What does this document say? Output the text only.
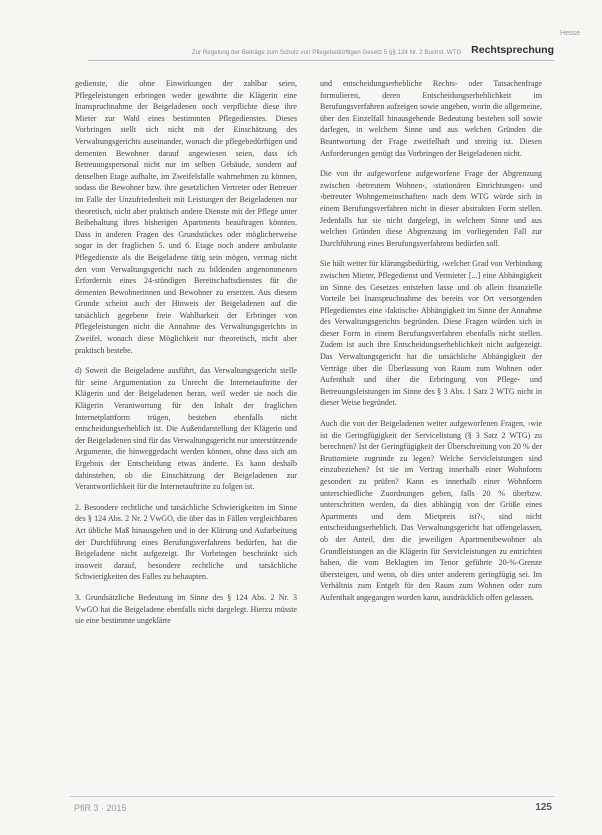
Hesse
Zur Regelung der Beiträge zum Schutz von Pflegebedürftigen Gesetz 5 §§ 124 Nr. 2 Buchst. WTG Rechtsprechung

gedienste, die ohne Einwirkungen der zahlbar seien, Pflegeleistungen erbringen weder gewährte die Klägerin eine Inanspruchnahme der Beigeladenen noch verpflichte diese ihre Mieter zur Wahl eines bestimmten Pflegedienstes. Dieses Vorbringen stellt sich nicht mit der Einschätzung des Verwaltungsgerichts auseinander, wonach die pflegebedürftigen und dementen Bewohner darauf angewiesen seien, dass ich Betreuungspersonal nicht nur im selben Gebäude, sondern auf denselben Etage aufhalte, im Zweifelsfalle wahrnehmen zu können, sodass die Bewohner bzw. ihre gesetzlichen Vertreter oder Betreuer im Falle der Unzufriedenheit mit Leistungen der Beigeladenen nur theoretisch, nicht aber praktisch andere Dienste mit der Pflege unter Beibehaltung ihres bisherigen Apartments beauftragen könnten. Dass in anderen Fragen des Grundstückes oder möglicherweise sogar in der fraglichen 5. und 6. Etage noch andere ambulante Pflegedienste als die Beigeladene tätig sein mögen, vermag nicht den vom Verwaltungsgericht nach zu bildenden angenommenen Erfordernis eines 24-stündigen Bereitschaftsdienstes für die dementen Bewohnerinnen und Bewohner zu ersetzen. Aus diesem Grunde scheint auch der Hinweis der Beigeladenen auf die tatsächlich gegebene freie Wahlbarkeit der Erbringer von Pflegeleistungen nicht die Annahme des Verwaltungsgerichts in Zweifel, wonach diese Möglichkeit nur theoretisch, nicht aber praktisch bestehe.

d) Soweit die Beigeladene ausführt, das Verwaltungsgericht stelle für seine Argumentation zu Unrecht die Internetauftritte der Klägerin und der Beigeladenen heran, weil weder sie noch die Klägerin Verantwortung für den Inhalt der fraglichen Internetplattform trügen, bestehen ebenfalls nicht entscheidungserheblich ist. Die Außendarstellung der Klägerin und der Beigeladenen sind für das Verwaltungsgericht nur unterstützende Argumente, die hinweggedacht werden können, ohne dass sich am Ergebnis der Entscheidung etwas änderte. Es kann deshalb dahinstehen, ob die Einschätzung der Beigeladenen zur Verantwortlichkeit für die Internetauftritte zu folgen ist.

2. Besondere rechtliche und tatsächliche Schwierigkeiten im Sinne des § 124 Abs. 2 Nr. 2 VwGO, die über das in Fällen vergleichbaren Art übliche Maß hinausgehen und in der Klärung und Aufarbeitung der Durchführung eines Berufungsverfahrens bedürfen, hat die Beigeladene nicht aufgezeigt. Ihr Vorbringen beschränkt sich insoweit darauf, besondere rechtliche und tatsächliche Schwierigkeiten des Falles zu behaupten.

3. Grundsätzliche Bedeutung im Sinne des § 124 Abs. 2 Nr. 3 VwGO hat die Beigeladene ebenfalls nicht dargelegt. Hierzu müsste sie eine bestimmte ungeklärte

und entscheidungserhebliche Rechts- oder Tatsachenfrage formulieren, deren Entscheidungserheblichkeit im Berufungsverfahren aufzeigen sowie angeben, worin die allgemeine, über den Einzelfall hinausgehende Bedeutung bestehen soll sowie darlegen, in welchem Sinne und aus welchen Gründen die Beantwortung der Frage zweifelhaft und streitig ist. Diesen Anforderungen genügt das Vorbringen der Beigeladenen nicht.

Die von ihr aufgeworfene aufgeworfene Frage der Abgrenzung zwischen ›betreutem Wohnen‹, ›stationären Einrichtungen‹ und ›betreuter Wohngemeinschaften‹ nach dem WTG würde sich in einem Berufungsverfahren nicht in dieser abstrakten Form stellen. Jedenfalls hat sie nicht dargelegt, in welchem Sinne und aus welchen Gründen diese Abgrenzung im vorliegenden Fall zur Durchführung eines Berufungsverfahrens bedürfen soll.

Sie hält weiter für klärungsbedürftig, ›welcher Grad von Verbindung zwischen Mieter, Pflegedienst und Vermieter [...] eine Abhängigkeit im Sinne des Gesetzes entstehen lasse und ob allein finanzielle Vorteile bei Inanspruchnahme des bereits vor Ort versorgenden Pflegedienstes eine ›faktische‹ Abhängigkeit im Sinne der Annahme des Verwaltungsgerichts begründen. Diese Fragen würden sich in dieser Form in einem Berufungsverfahren ebenfalls nicht stellen. Zudem ist auch ihre Entscheidungserheblichkeit nicht aufgezeigt. Das Verwaltungsgericht hat die tatsächliche Abhängigkeit der Verträge über die Überlassung von Raum zum Wohnen oder Aufenthalt und über die Erbringung von Pflege- und Betreuungsleistungen im Sinne des § 3 Abs. 1 Satz 2 WTG nicht in dieser Weise begründet.

Auch die von der Beigeladenen weiter aufgeworfenen Fragen, ›wie ist die Geringfügigkeit der Servicelistung (§ 3 Satz 2 WTG) zu berechnen? Ist der Geringfügigkeit der Überschreitung von 20 % der Bruttomiete zugrunde zu legen? Welche Servicleistungen sind einzubeziehen? Ist sie im Vertrag innerhalb einer Wohnform gesondert zu prüfen? Kann es innerhalb einer Wohnform unterschiedliche Zuordnungen geben, falls 20 % überbzw. unterschritten werden, da dies abhängig von der Größe eines Apartments und dem Mietpreis ist?‹, sind nicht entscheidungserheblich. Das Verwaltungsgericht hat offengelassen, ob der Anteil, den die jeweiligen Apartmentbewohner als Grundleistungen an die Klägerin für Servicleistungen zu entrichten haben, die vom Beklagten im Tenor geführte 20-%-Grenze übersteigen, und wenn, ob dies unter anderem geringfügig sei. Im Verhältnis zum Entgelt für den Raum zum Wohnen oder zum Aufenthalt angegangen worden kann, ausdrücklich offen gelassen.

PflR 3 · 2015	125
